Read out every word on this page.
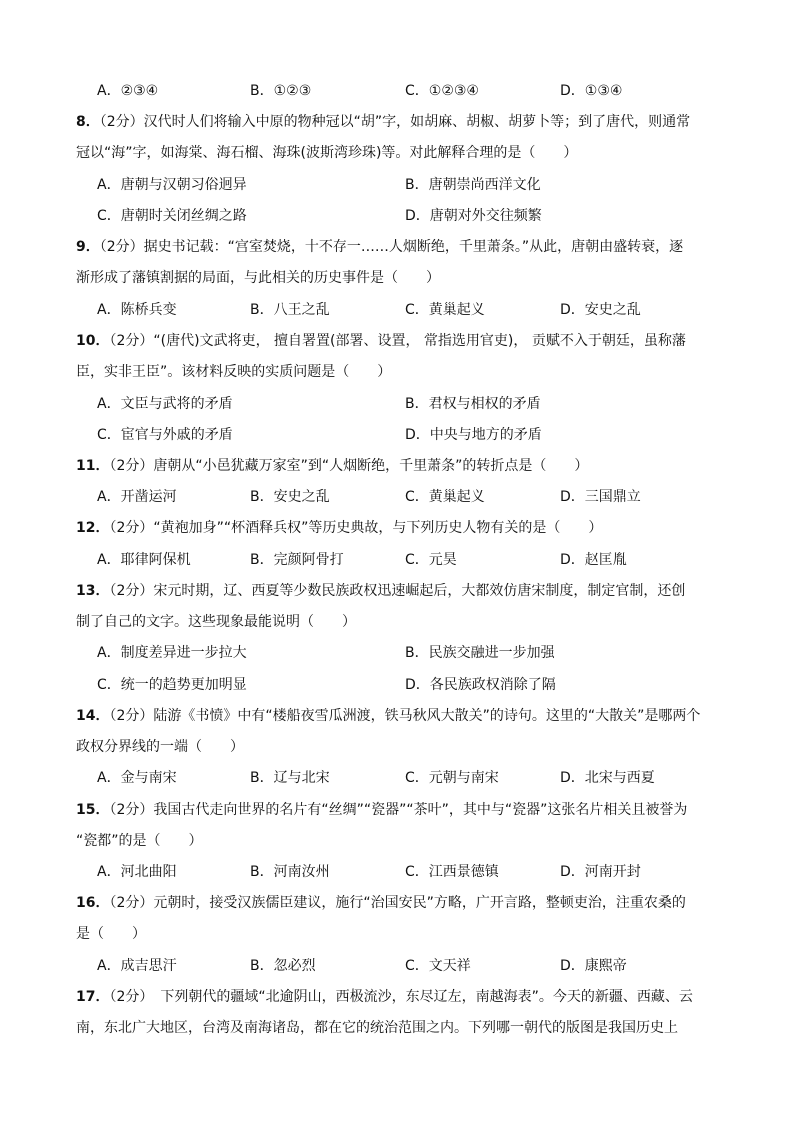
A．②③④	B．①②③	C．①②③④	D．①③④
8．（2分）汉代时人们将输入中原的物种冠以“胡”字，如胡麻、胡椒、胡萝卜等；到了唐代，则通常
冠以“海”字，如海棠、海石榴、海珠(波斯湾珍珠)等。对此解释合理的是（　　）
A．唐朝与汉朝习俗迥异	B．唐朝崇尚西洋文化
C．唐朝时关闭丝绸之路	D．唐朝对外交往频繁
9．（2分）据史书记载：“宫室焚烧，十不存一……人烟断绝，千里萧条。”从此，唐朝由盛转衰，逐
渐形成了藩镇割据的局面，与此相关的历史事件是（　　）
A．陈桥兵变	B．八王之乱	C．黄巢起义	D．安史之乱
10．（2分）“(唐代)文武将吏， 擅自署置(部署、设置， 常指选用官吏)， 贡赋不入于朝廷，虽称藩
臣，实非王臣”。该材料反映的实质问题是（　　）
A．文臣与武将的矛盾	B．君权与相权的矛盾
C．宦官与外戚的矛盾	D．中央与地方的矛盾
11．（2分）唐朝从“小邑犹藏万家室”到“人烟断绝，千里萧条”的转折点是（　　）
A．开凿运河	B．安史之乱	C．黄巢起义	D．三国鼎立
12．（2分）“黄袍加身”“杯酒释兵权”等历史典故，与下列历史人物有关的是（　　）
A．耶律阿保机	B．完颜阿骨打	C．元昊	D．赵匡胤
13．（2分）宋元时期，辽、西夏等少数民族政权迅速崛起后，大都效仿唐宋制度，制定官制，还创
制了自己的文字。这些现象最能说明（　　）
A．制度差异进一步拉大	B．民族交融进一步加强
C．统一的趋势更加明显	D．各民族政权消除了隔
14．（2分）陆游《书愤》中有“楼船夜雪瓜洲渡，铁马秋风大散关”的诗句。这里的“大散关”是哪两个
政权分界线的一端（　　）
A．金与南宋	B．辽与北宋	C．元朝与南宋	D．北宋与西夏
15．（2分）我国古代走向世界的名片有“丝绸”“瓷器”“茶叶”，其中与“瓷器”这张名片相关且被誉为
“瓷都”的是（　　）
A．河北曲阳	B．河南汝州	C．江西景德镇	D．河南开封
16．（2分）元朝时，接受汉族儒臣建议，施行“治国安民”方略，广开言路，整顿吏治，注重农桑的
是（　　）
A．成吉思汗	B．忽必烈	C．文天祥	D．康熙帝
17．（2分）　下列朝代的疆域“北逾阴山，西极流沙，东尽辽左，南越海表”。今天的新疆、西藏、云
南，东北广大地区，台湾及南海诸岛，都在它的统治范围之内。下列哪一朝代的版图是我国历史上
